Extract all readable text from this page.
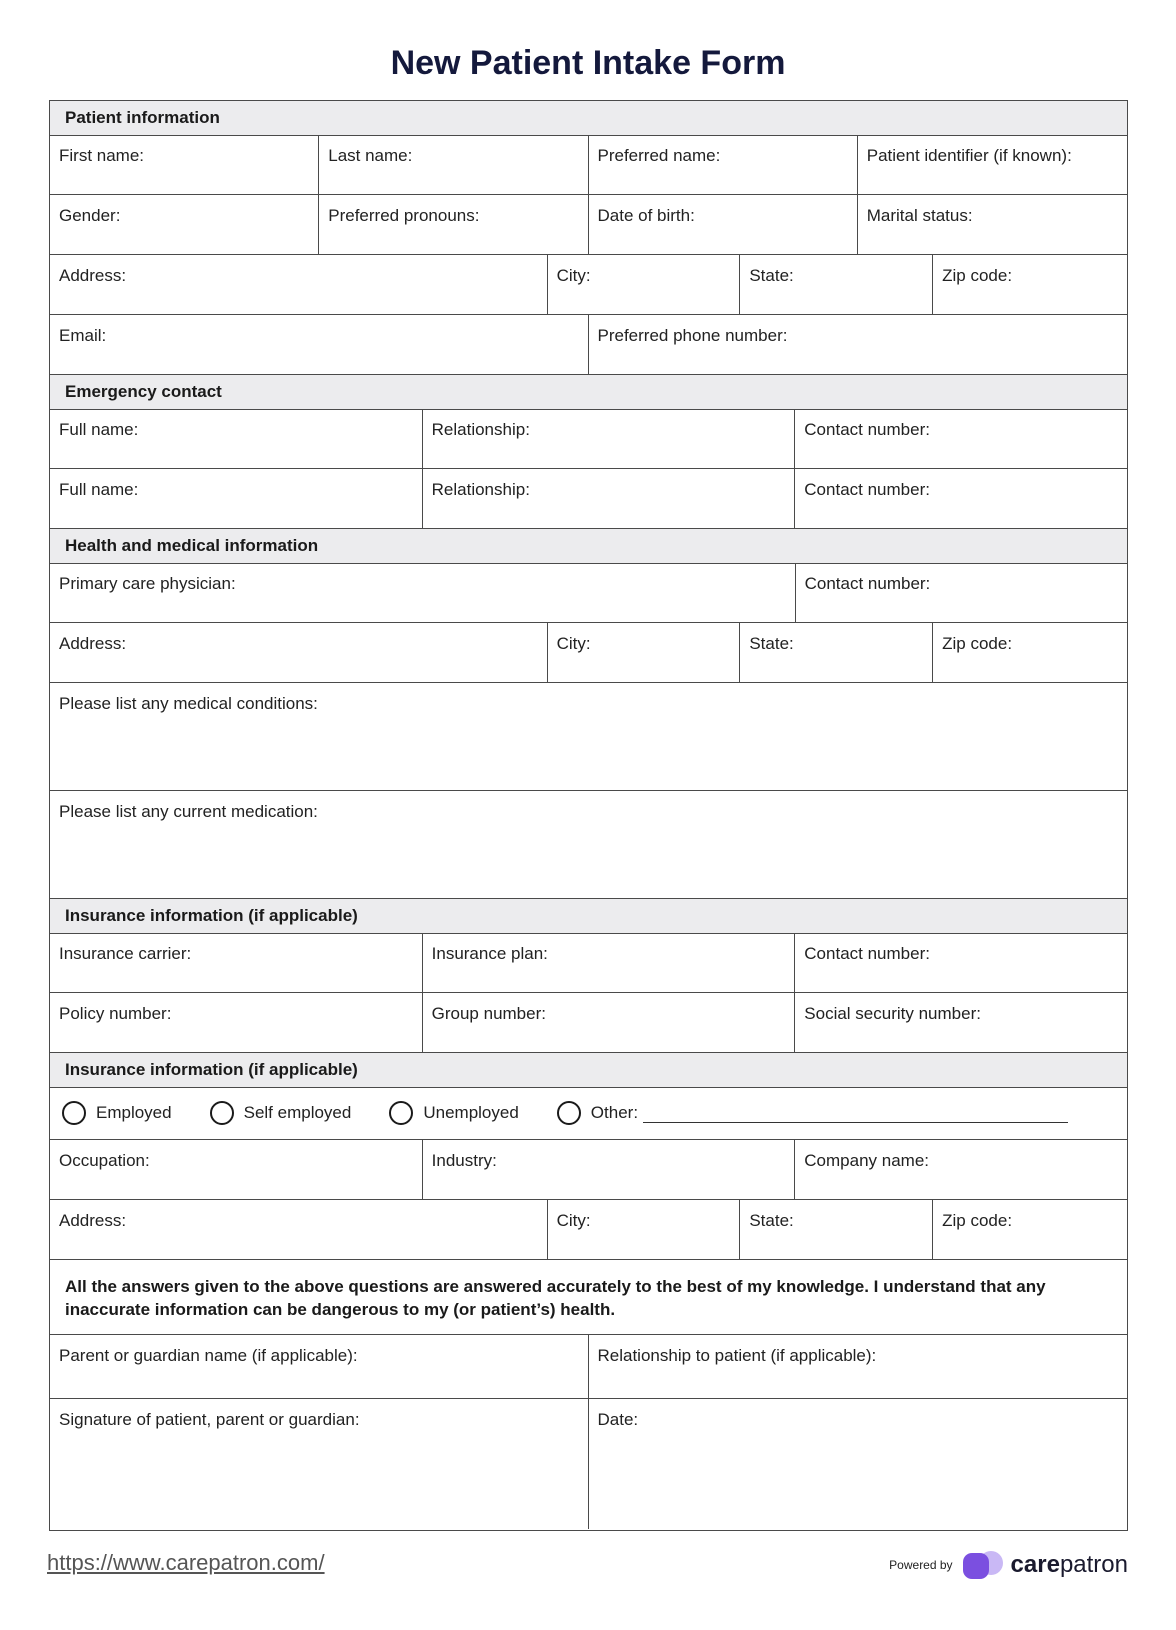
New Patient Intake Form
Patient information
First name:	Last name:	Preferred name:	Patient identifier (if known):
Gender:	Preferred pronouns:	Date of birth:	Marital status:
Address:	City:	State:	Zip code:
Email:	Preferred phone number:
Emergency contact
Full name:	Relationship:	Contact number:
Full name:	Relationship:	Contact number:
Health and medical information
Primary care physician:	Contact number:
Address:	City:	State:	Zip code:
Please list any medical conditions:
Please list any current medication:
Insurance information (if applicable)
Insurance carrier:	Insurance plan:	Contact number:
Policy number:	Group number:	Social security number:
Insurance information (if applicable)
Employed	Self employed	Unemployed	Other:
Occupation:	Industry:	Company name:
Address:	City:	State:	Zip code:
All the answers given to the above questions are answered accurately to the best of my knowledge. I understand that any inaccurate information can be dangerous to my (or patient’s) health.
Parent or guardian name (if applicable):	Relationship to patient (if applicable):
Signature of patient, parent or guardian:	Date:
https://www.carepatron.com/	Powered by carepatron
